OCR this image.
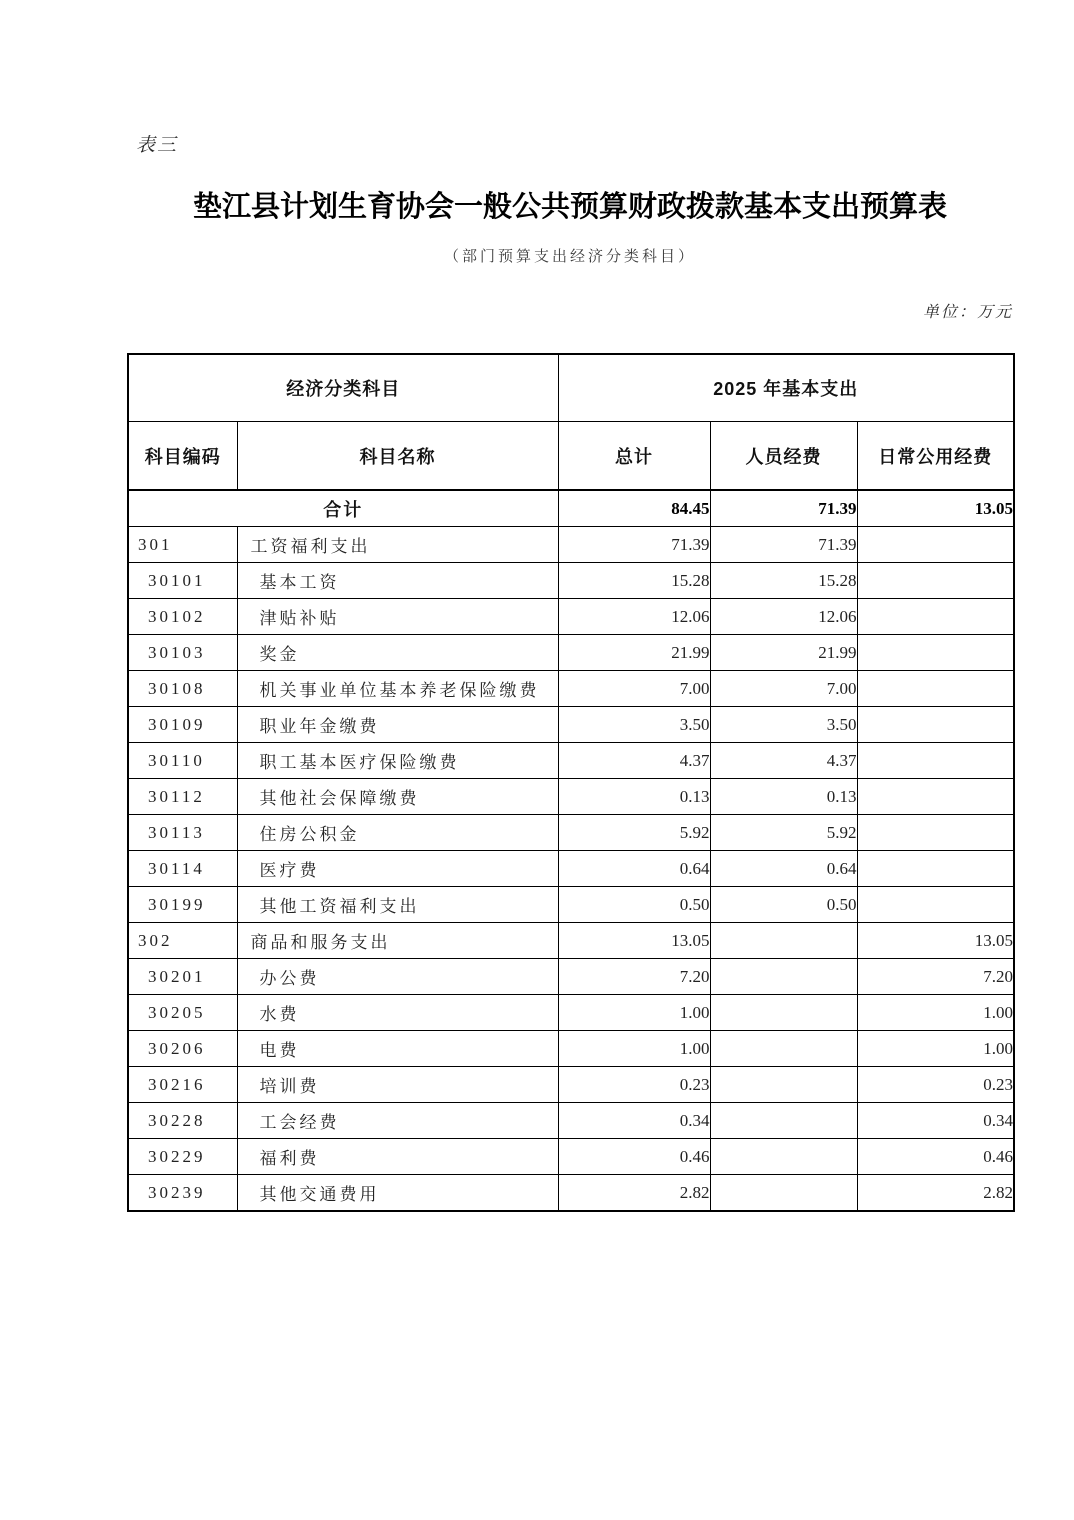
表三
垫江县计划生育协会一般公共预算财政拨款基本支出预算表
（部门预算支出经济分类科目）
单位：万元
经济分类科目		2025 年基本支出		
科目编码	科目名称	总计	人员经费	日常公用经费
合计		84.45	71.39	13.05
301	工资福利支出	71.39	71.39	
30101	基本工资	15.28	15.28	
30102	津贴补贴	12.06	12.06	
30103	奖金	21.99	21.99	
30108	机关事业单位基本养老保险缴费	7.00	7.00	
30109	职业年金缴费	3.50	3.50	
30110	职工基本医疗保险缴费	4.37	4.37	
30112	其他社会保障缴费	0.13	0.13	
30113	住房公积金	5.92	5.92	
30114	医疗费	0.64	0.64	
30199	其他工资福利支出	0.50	0.50	
302	商品和服务支出	13.05		13.05
30201	办公费	7.20		7.20
30205	水费	1.00		1.00
30206	电费	1.00		1.00
30216	培训费	0.23		0.23
30228	工会经费	0.34		0.34
30229	福利费	0.46		0.46
30239	其他交通费用	2.82		2.82
